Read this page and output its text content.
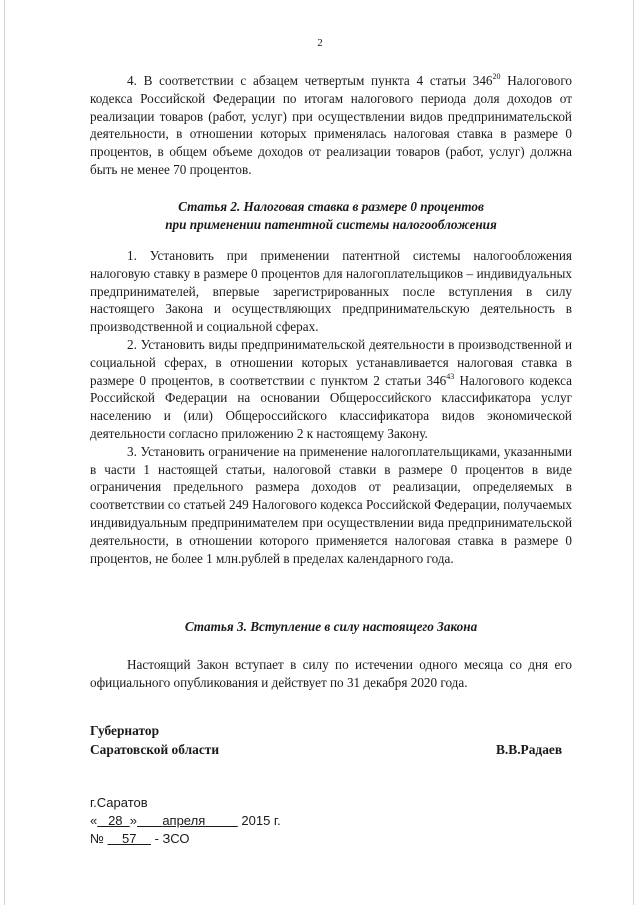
2

4. В соответствии с абзацем четвертым пункта 4 статьи $346^{20}$ Налогового кодекса Российской Федерации по итогам налогового периода доля доходов от реализации товаров (работ, услуг) при осуществлении видов предпринимательской деятельности, в отношении которых применялась налоговая ставка в размере 0 процентов, в общем объеме доходов от реализации товаров (работ, услуг) должна быть не менее 70 процентов.

Статья 2. Налоговая ставка в размере 0 процентов
при применении патентной системы налогообложения

1. Установить при применении патентной системы налогообложения налоговую ставку в размере 0 процентов для налогоплательщиков – индивидуальных предпринимателей, впервые зарегистрированных после вступления в силу настоящего Закона и осуществляющих предпринимательскую деятельность в производственной и социальной сферах.

2. Установить виды предпринимательской деятельности в производственной и социальной сферах, в отношении которых устанавливается налоговая ставка в размере 0 процентов, в соответствии с пунктом 2 статьи $346^{43}$ Налогового кодекса Российской Федерации на основании Общероссийского классификатора услуг населению и (или) Общероссийского классификатора видов экономической деятельности согласно приложению 2 к настоящему Закону.

3. Установить ограничение на применение налогоплательщиками, указанными в части 1 настоящей статьи, налоговой ставки в размере 0 процентов в виде ограничения предельного размера доходов от реализации, определяемых в соответствии со статьей 249 Налогового кодекса Российской Федерации, получаемых индивидуальным предпринимателем при осуществлении вида предпринимательской деятельности, в отношении которого применяется налоговая ставка в размере 0 процентов, не более 1 млн.рублей в пределах календарного года.

Статья 3. Вступление в силу настоящего Закона

Настоящий Закон вступает в силу по истечении одного месяца со дня его официального опубликования и действует по 31 декабря 2020 года.

Губернатор
Саратовской области	В.В.Радаев
г.Саратов
« 28 » апреля	2015 г.
№ 57 - ЗСО
